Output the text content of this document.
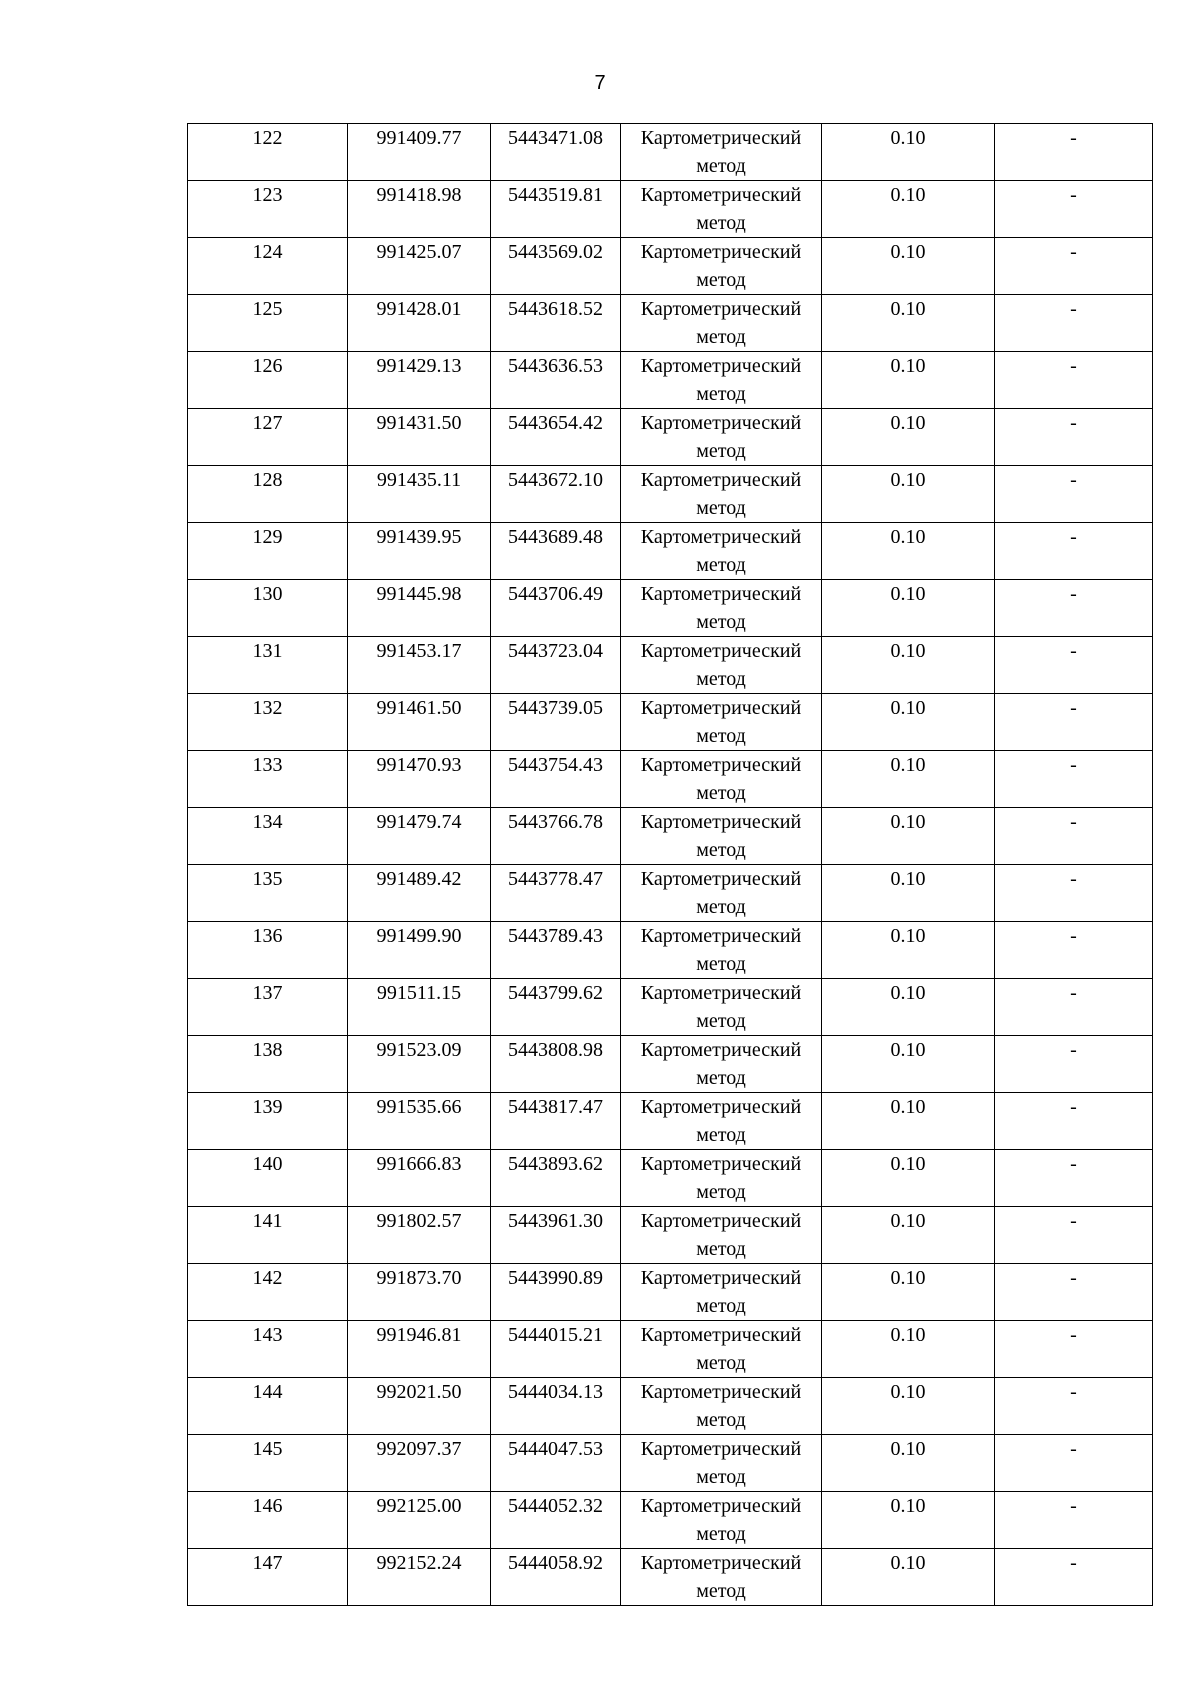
7
122	991409.77	5443471.08	Картометрический метод	0.10	-
123	991418.98	5443519.81	Картометрический метод	0.10	-
124	991425.07	5443569.02	Картометрический метод	0.10	-
125	991428.01	5443618.52	Картометрический метод	0.10	-
126	991429.13	5443636.53	Картометрический метод	0.10	-
127	991431.50	5443654.42	Картометрический метод	0.10	-
128	991435.11	5443672.10	Картометрический метод	0.10	-
129	991439.95	5443689.48	Картометрический метод	0.10	-
130	991445.98	5443706.49	Картометрический метод	0.10	-
131	991453.17	5443723.04	Картометрический метод	0.10	-
132	991461.50	5443739.05	Картометрический метод	0.10	-
133	991470.93	5443754.43	Картометрический метод	0.10	-
134	991479.74	5443766.78	Картометрический метод	0.10	-
135	991489.42	5443778.47	Картометрический метод	0.10	-
136	991499.90	5443789.43	Картометрический метод	0.10	-
137	991511.15	5443799.62	Картометрический метод	0.10	-
138	991523.09	5443808.98	Картометрический метод	0.10	-
139	991535.66	5443817.47	Картометрический метод	0.10	-
140	991666.83	5443893.62	Картометрический метод	0.10	-
141	991802.57	5443961.30	Картометрический метод	0.10	-
142	991873.70	5443990.89	Картометрический метод	0.10	-
143	991946.81	5444015.21	Картометрический метод	0.10	-
144	992021.50	5444034.13	Картометрический метод	0.10	-
145	992097.37	5444047.53	Картометрический метод	0.10	-
146	992125.00	5444052.32	Картометрический метод	0.10	-
147	992152.24	5444058.92	Картометрический метод	0.10	-
